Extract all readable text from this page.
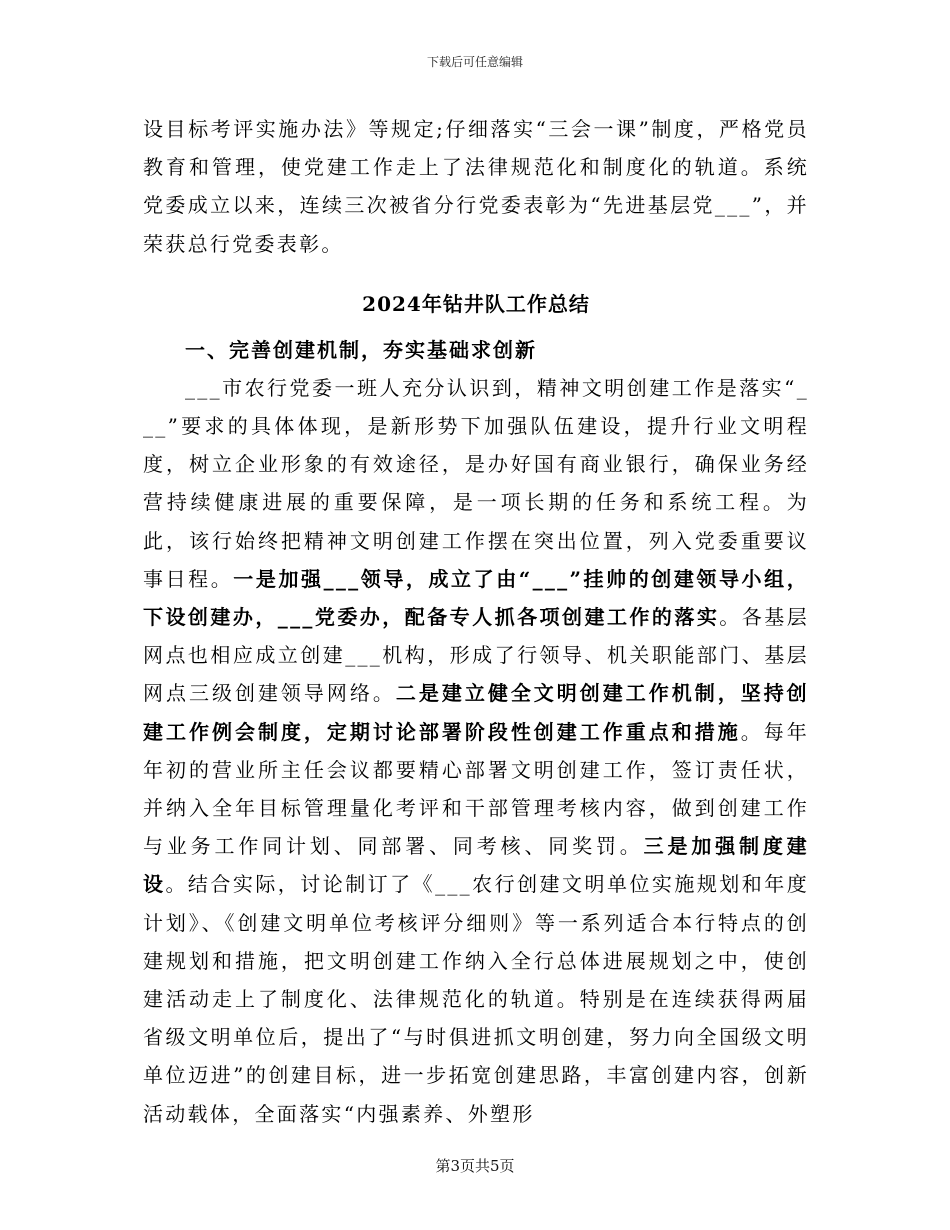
下载后可任意编辑

设目标考评实施办法》等规定;仔细落实“三会一课”制度，严格党员教育和管理，使党建工作走上了法律规范化和制度化的轨道。系统党委成立以来，连续三次被省分行党委表彰为“先进基层党___”，并荣获总行党委表彰。

2024年钻井队工作总结

一、完善创建机制，夯实基础求创新

___市农行党委一班人充分认识到，精神文明创建工作是落实“___”要求的具体体现，是新形势下加强队伍建设，提升行业文明程度，树立企业形象的有效途径，是办好国有商业银行，确保业务经营持续健康进展的重要保障，是一项长期的任务和系统工程。为此，该行始终把精神文明创建工作摆在突出位置，列入党委重要议事日程。一是加强___领导，成立了由“___”挂帅的创建领导小组，下设创建办，___党委办，配备专人抓各项创建工作的落实。各基层网点也相应成立创建___机构，形成了行领导、机关职能部门、基层网点三级创建领导网络。二是建立健全文明创建工作机制，坚持创建工作例会制度，定期讨论部署阶段性创建工作重点和措施。每年年初的营业所主任会议都要精心部署文明创建工作，签订责任状，并纳入全年目标管理量化考评和干部管理考核内容，做到创建工作与业务工作同计划、同部署、同考核、同奖罚。三是加强制度建设。结合实际，讨论制订了《___农行创建文明单位实施规划和年度计划》、《创建文明单位考核评分细则》等一系列适合本行特点的创建规划和措施，把文明创建工作纳入全行总体进展规划之中，使创建活动走上了制度化、法律规范化的轨道。特别是在连续获得两届省级文明单位后，提出了“与时俱进抓文明创建，努力向全国级文明单位迈进”的创建目标，进一步拓宽创建思路，丰富创建内容，创新活动载体，全面落实“内强素养、外塑形

第3页共5页
